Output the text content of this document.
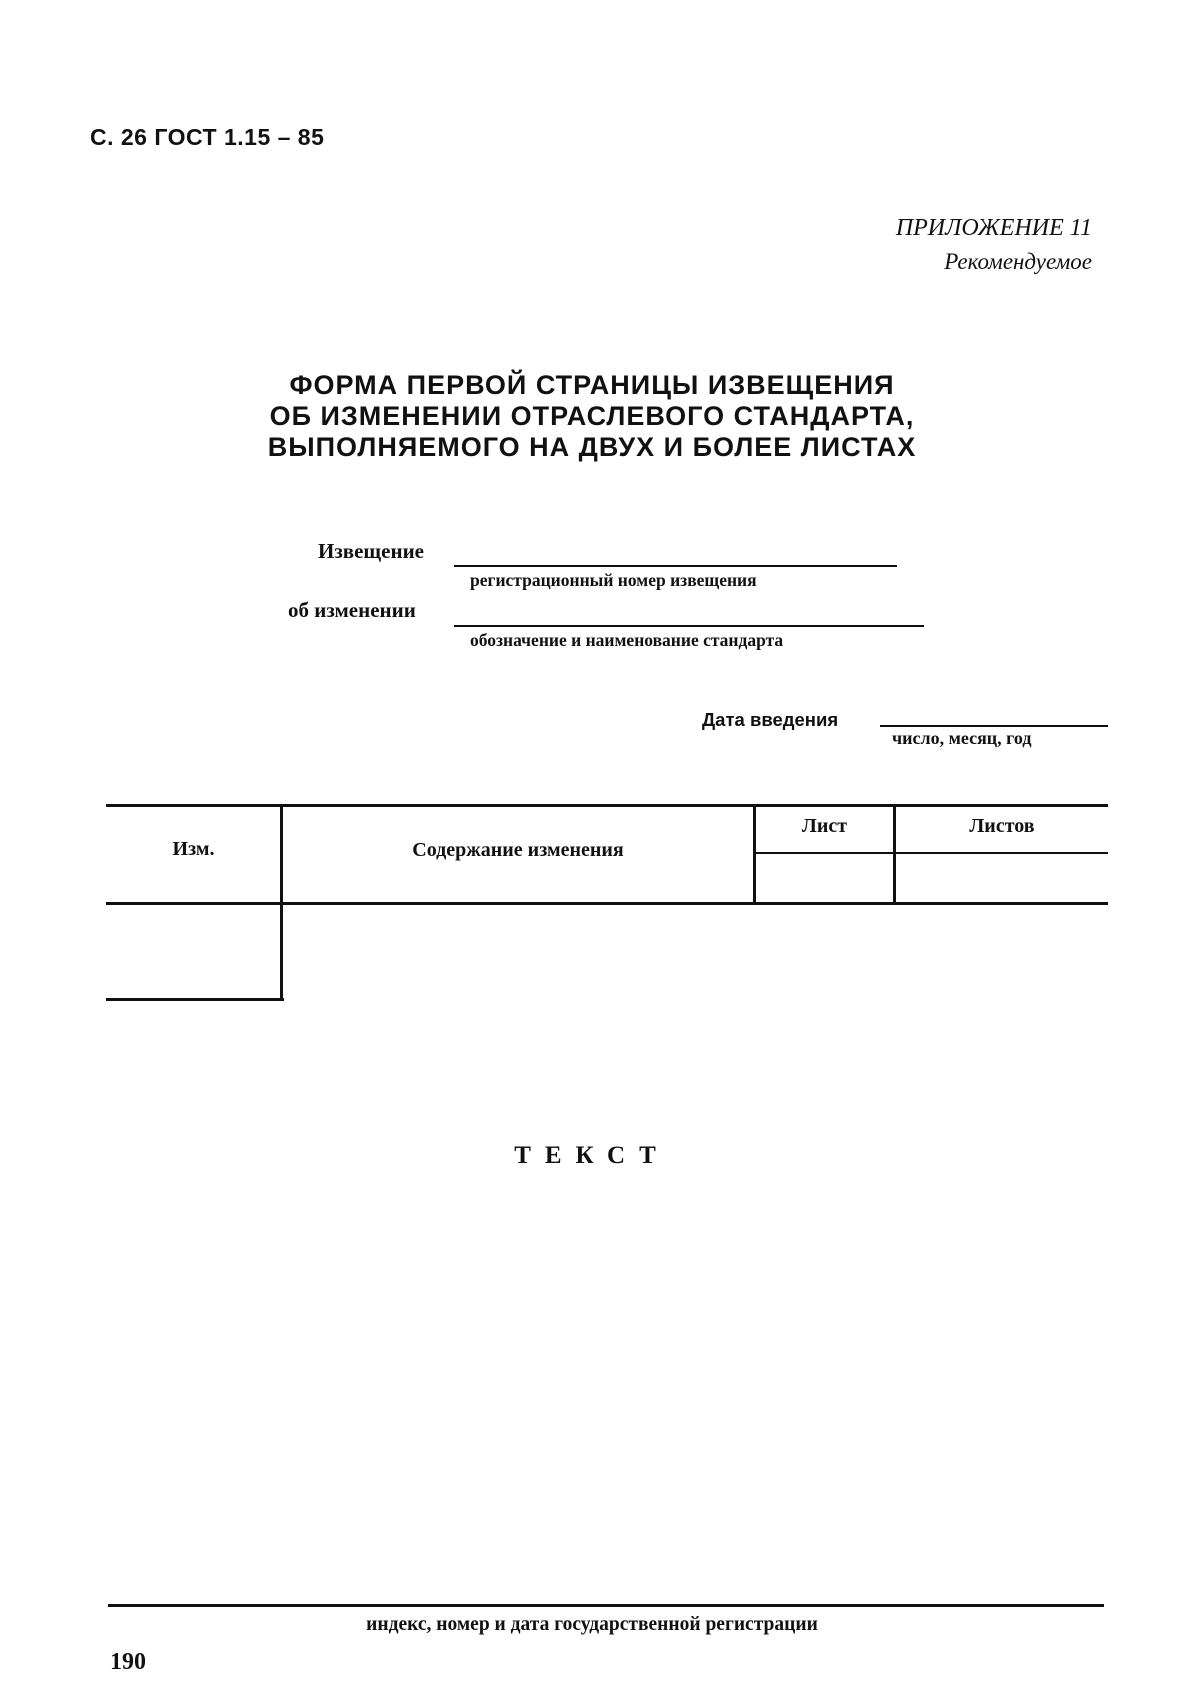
С. 26 ГОСТ 1.15 – 85
ПРИЛОЖЕНИЕ 11
Рекомендуемое
ФОРМА ПЕРВОЙ СТРАНИЦЫ ИЗВЕЩЕНИЯ
ОБ ИЗМЕНЕНИИ ОТРАСЛЕВОГО СТАНДАРТА,
ВЫПОЛНЯЕМОГО НА ДВУХ И БОЛЕЕ ЛИСТАХ
Извещение
регистрационный номер извещения
об изменении
обозначение и наименование стандарта
Дата введения
число, месяц, год
Изм.	Содержание изменения
Лист	Листов
ТЕКСТ
индекс, номер и дата государственной регистрации
190
